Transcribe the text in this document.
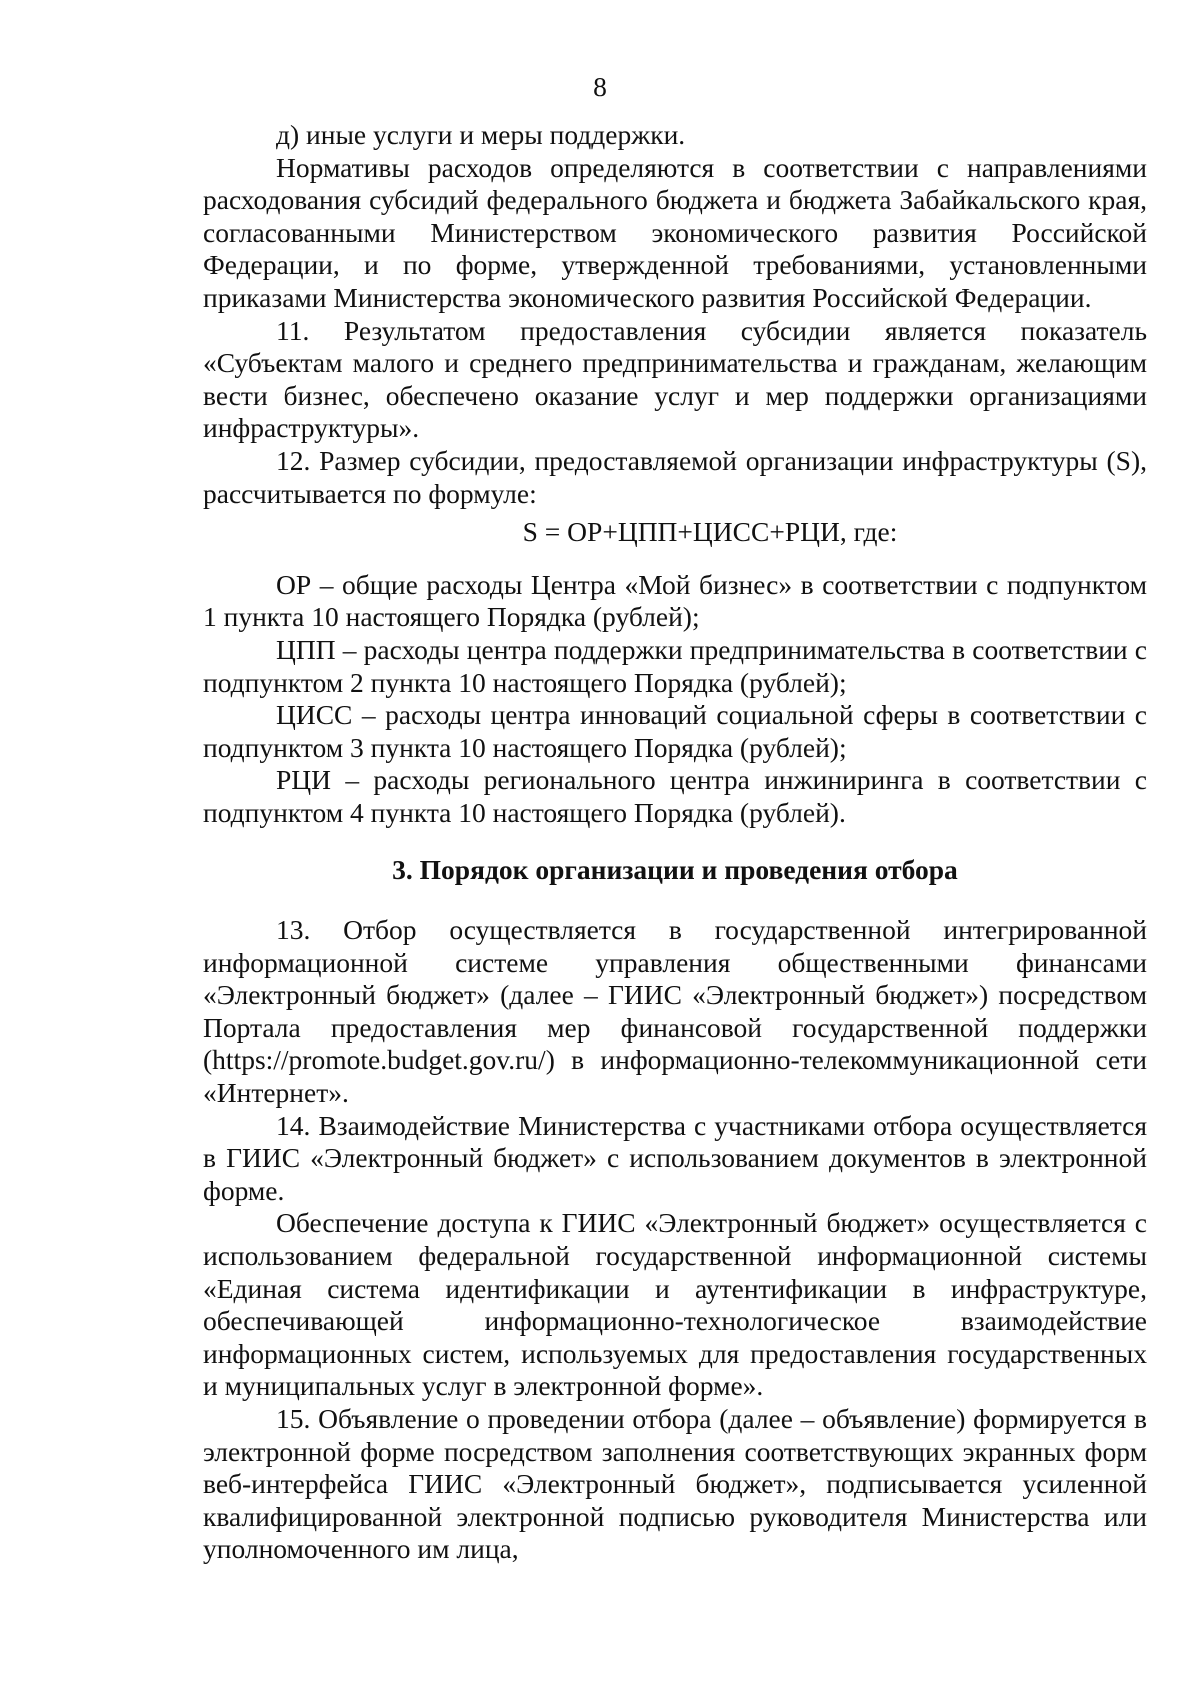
8

д) иные услуги и меры поддержки.

Нормативы расходов определяются в соответствии с направлениями расходования субсидий федерального бюджета и бюджета Забайкальского края, согласованными Министерством экономического развития Российской Федерации, и по форме, утвержденной требованиями, установленными приказами Министерства экономического развития Российской Федерации.

11. Результатом предоставления субсидии является показатель «Субъектам малого и среднего предпринимательства и гражданам, желающим вести бизнес, обеспечено оказание услуг и мер поддержки организациями инфраструктуры».

12. Размер субсидии, предоставляемой организации инфраструктуры (S), рассчитывается по формуле:

S = ОР+ЦПП+ЦИСС+РЦИ, где:

ОР – общие расходы Центра «Мой бизнес» в соответствии с подпунктом 1 пункта 10 настоящего Порядка (рублей);

ЦПП – расходы центра поддержки предпринимательства в соответствии с подпунктом 2 пункта 10 настоящего Порядка (рублей);

ЦИСС – расходы центра инноваций социальной сферы в соответствии с подпунктом 3 пункта 10 настоящего Порядка (рублей);

РЦИ – расходы регионального центра инжиниринга в соответствии с подпунктом 4 пункта 10 настоящего Порядка (рублей).

3. Порядок организации и проведения отбора

13. Отбор осуществляется в государственной интегрированной информационной системе управления общественными финансами «Электронный бюджет» (далее – ГИИС «Электронный бюджет») посредством Портала предоставления мер финансовой государственной поддержки (https://promote.budget.gov.ru/) в информационно-телекоммуникационной сети «Интернет».

14. Взаимодействие Министерства с участниками отбора осуществляется в ГИИС «Электронный бюджет» с использованием документов в электронной форме.

Обеспечение доступа к ГИИС «Электронный бюджет» осуществляется с использованием федеральной государственной информационной системы «Единая система идентификации и аутентификации в инфраструктуре, обеспечивающей информационно-технологическое взаимодействие информационных систем, используемых для предоставления государственных и муниципальных услуг в электронной форме».

15. Объявление о проведении отбора (далее – объявление) формируется в электронной форме посредством заполнения соответствующих экранных форм веб-интерфейса ГИИС «Электронный бюджет», подписывается усиленной квалифицированной электронной подписью руководителя Министерства или уполномоченного им лица,
